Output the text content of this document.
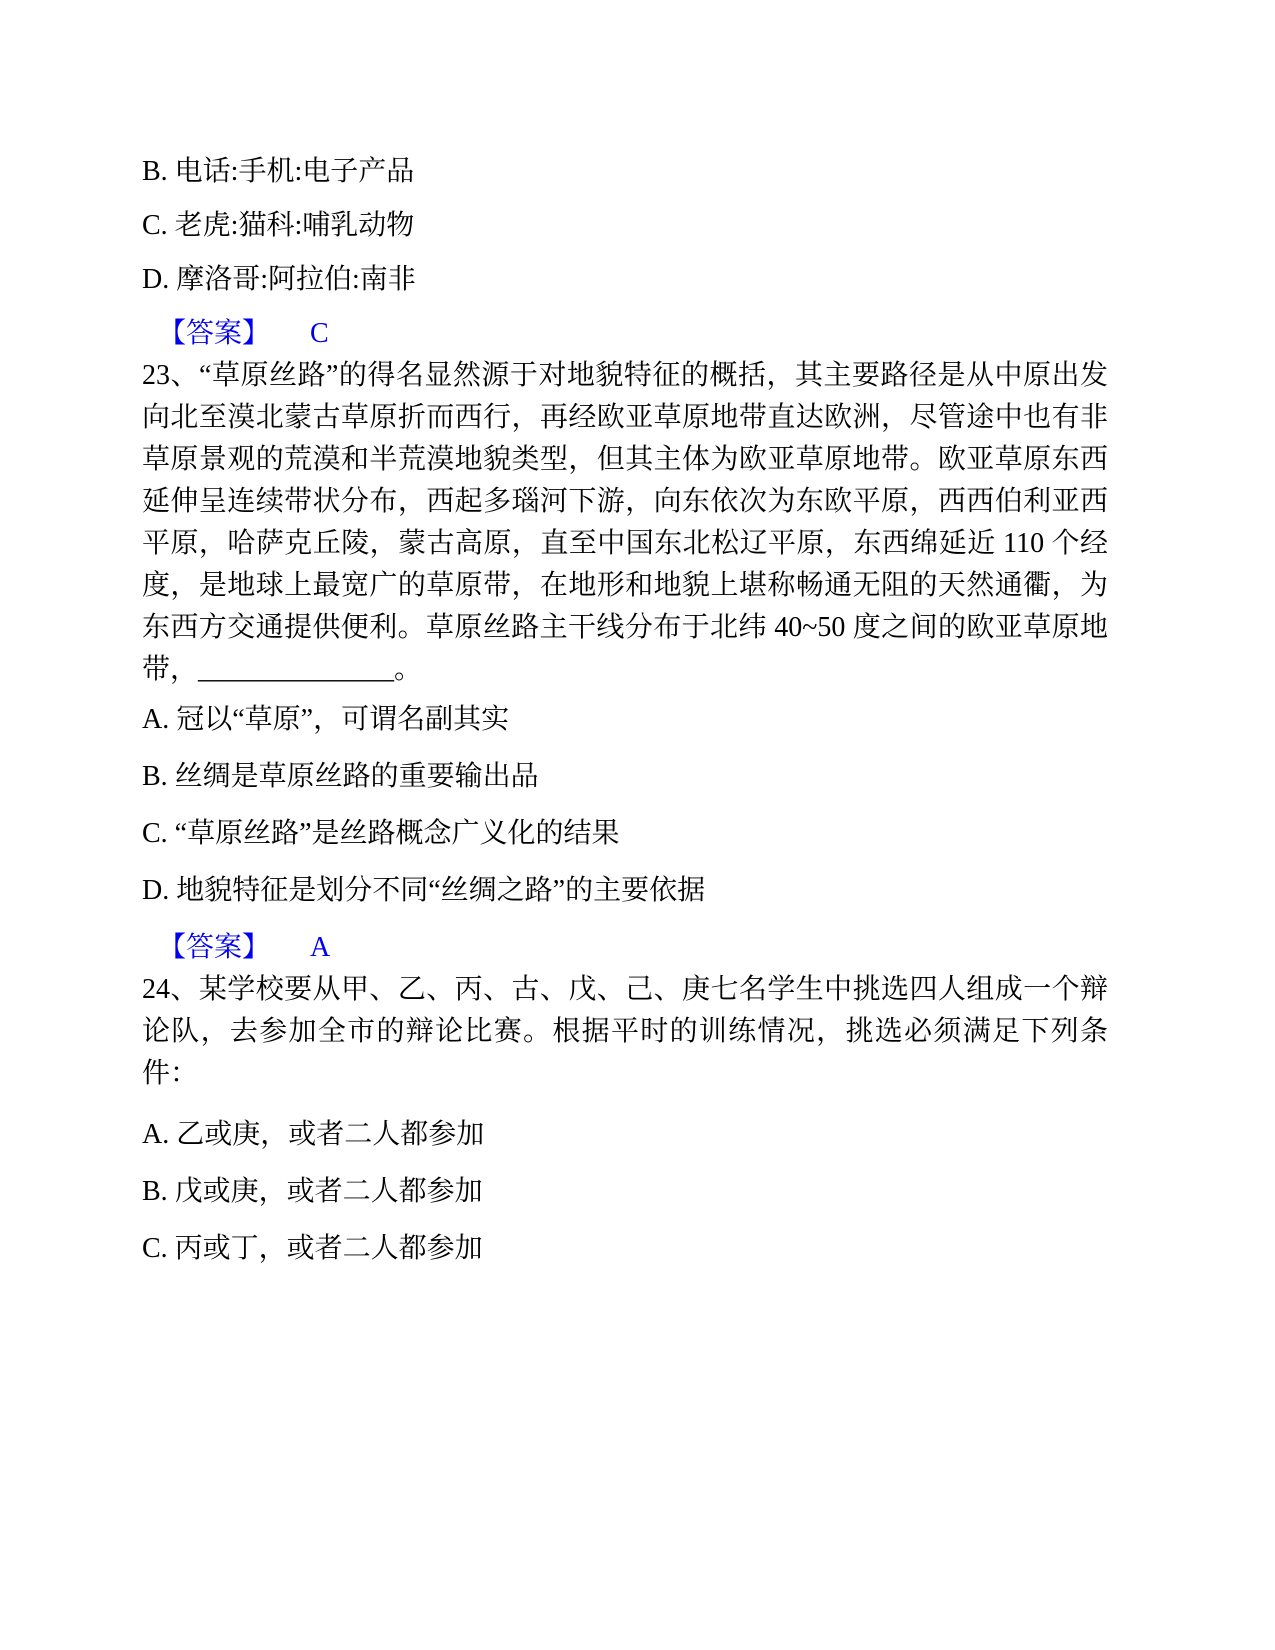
B. 电话:手机:电子产品

C. 老虎:猫科:哺乳动物

D. 摩洛哥:阿拉伯:南非

【答案】 C

23、“草原丝路”的得名显然源于对地貌特征的概括，其主要路径是从中原出发向北至漠北蒙古草原折而西行，再经欧亚草原地带直达欧洲，尽管途中也有非草原景观的荒漠和半荒漠地貌类型，但其主体为欧亚草原地带。欧亚草原东西延伸呈连续带状分布，西起多瑙河下游，向东依次为东欧平原，西西伯利亚西平原，哈萨克丘陵，蒙古高原，直至中国东北松辽平原，东西绵延近 110 个经度，是地球上最宽广的草原带，在地形和地貌上堪称畅通无阻的天然通衢，为东西方交通提供便利。草原丝路主干线分布于北纬 40~50 度之间的欧亚草原地带，______________。

A. 冠以“草原”，可谓名副其实

B. 丝绸是草原丝路的重要输出品

C. “草原丝路”是丝路概念广义化的结果

D. 地貌特征是划分不同“丝绸之路”的主要依据

【答案】 A

24、某学校要从甲、乙、丙、古、戊、己、庚七名学生中挑选四人组成一个辩论队，去参加全市的辩论比赛。根据平时的训练情况，挑选必须满足下列条件：

A. 乙或庚，或者二人都参加

B. 戊或庚，或者二人都参加

C. 丙或丁，或者二人都参加
